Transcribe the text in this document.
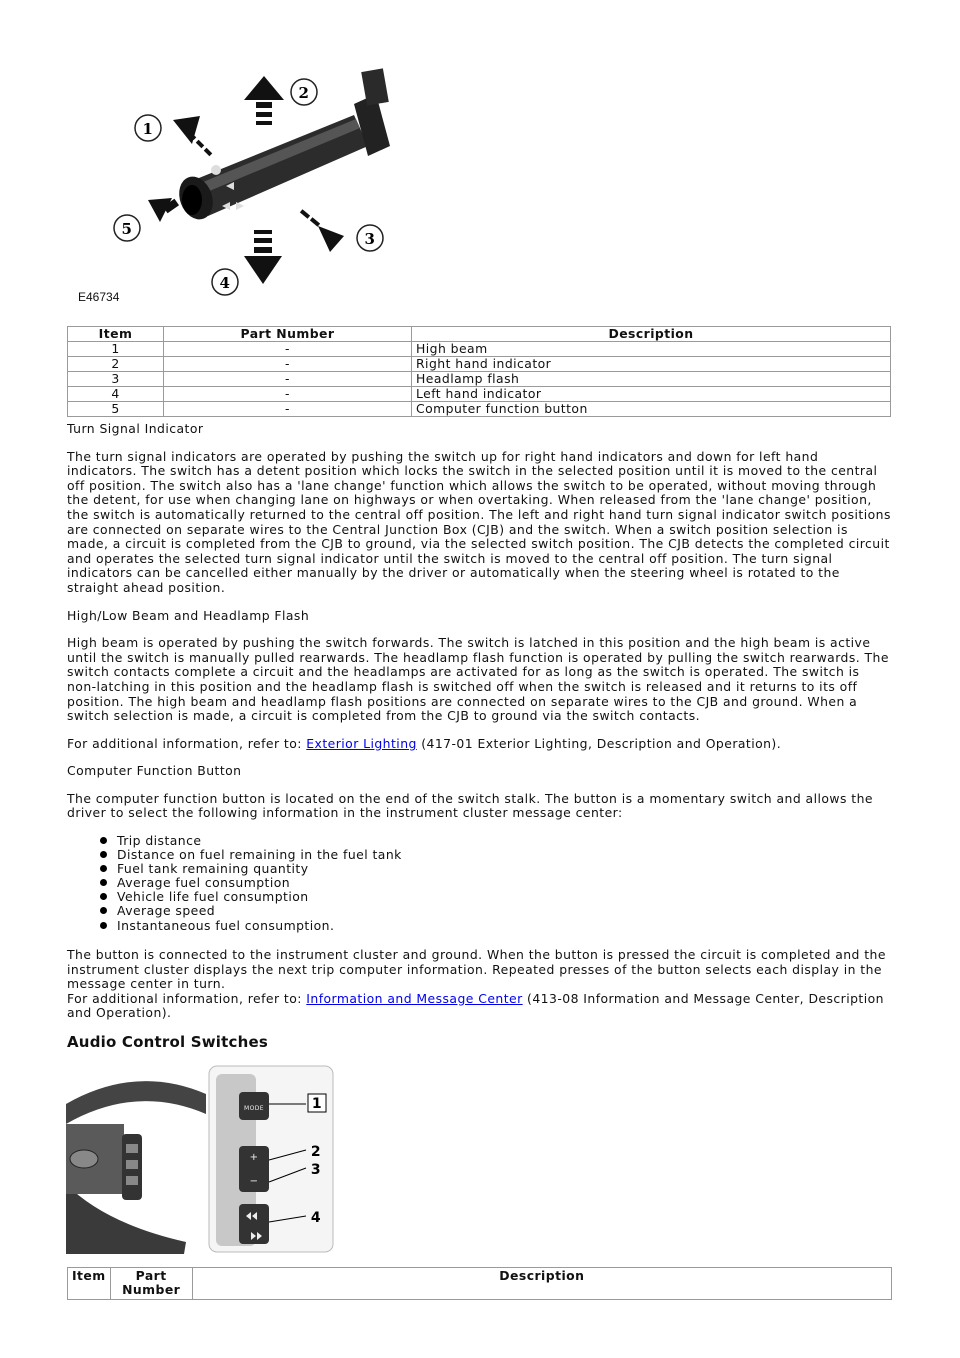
1
2
3
4
5
E46734
Item	Part Number	Description
1	-	High beam
2	-	Right hand indicator
3	-	Headlamp flash
4	-	Left hand indicator
5	-	Computer function button

Turn Signal Indicator

The turn signal indicators are operated by pushing the switch up for right hand indicators and down for left hand indicators. The switch has a detent position which locks the switch in the selected position until it is moved to the central off position. The switch also has a 'lane change' function which allows the switch to be operated, without moving through the detent, for use when changing lane on highways or when overtaking. When released from the 'lane change' position, the switch is automatically returned to the central off position. The left and right hand turn signal indicator switch positions are connected on separate wires to the Central Junction Box (CJB) and the switch. When a switch position selection is made, a circuit is completed from the CJB to ground, via the selected switch position. The CJB detects the completed circuit and operates the selected turn signal indicator until the switch is moved to the central off position. The turn signal indicators can be cancelled either manually by the driver or automatically when the steering wheel is rotated to the straight ahead position.

High/Low Beam and Headlamp Flash

High beam is operated by pushing the switch forwards. The switch is latched in this position and the high beam is active until the switch is manually pulled rearwards. The headlamp flash function is operated by pulling the switch rearwards. The switch contacts complete a circuit and the headlamps are activated for as long as the switch is operated. The switch is non-latching in this position and the headlamp flash is switched off when the switch is released and it returns to its off position. The high beam and headlamp flash positions are connected on separate wires to the CJB and ground. When a switch selection is made, a circuit is completed from the CJB to ground via the switch contacts.

For additional information, refer to: Exterior Lighting (417-01 Exterior Lighting, Description and Operation).

Computer Function Button

The computer function button is located on the end of the switch stalk. The button is a momentary switch and allows the driver to select the following information in the instrument cluster message center:

Trip distance
Distance on fuel remaining in the fuel tank
Fuel tank remaining quantity
Average fuel consumption
Vehicle life fuel consumption
Average speed
Instantaneous fuel consumption.

The button is connected to the instrument cluster and ground. When the button is pressed the circuit is completed and the instrument cluster displays the next trip computer information. Repeated presses of the button selects each display in the message center in turn.

For additional information, refer to: Information and Message Center (413-08 Information and Message Center, Description and Operation).

Audio Control Switches
MODE
+
−
1
2
3
4
Item	Part Number	Description
